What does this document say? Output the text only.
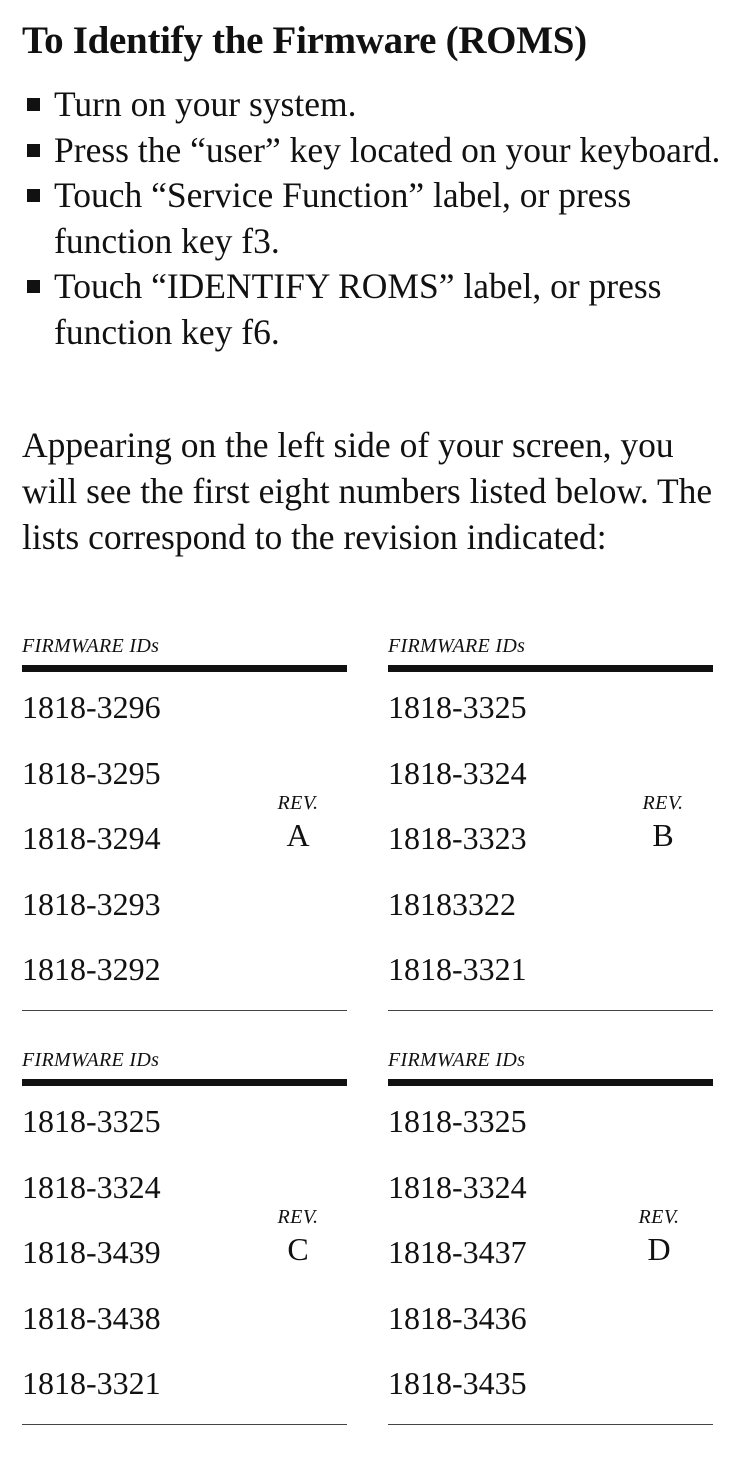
To Identify the Firmware (ROMS)
Turn on your system.
Press the “user” key located on your keyboard.
Touch “Service Function” label, or press function key f3.
Touch “IDENTIFY ROMS” label, or press function key f6.

Appearing on the left side of your screen, you will see the first eight numbers listed below. The lists correspond to the revision indicated:

FIRMWARE IDs
1818-3296
1818-3295
1818-3294
1818-3293
1818-3292
REV.
A
FIRMWARE IDs
1818-3325
1818-3324
1818-3323
18183322
1818-3321
REV.
B
FIRMWARE IDs
1818-3325
1818-3324
1818-3439
1818-3438
1818-3321
REV.
C
FIRMWARE IDs
1818-3325
1818-3324
1818-3437
1818-3436
1818-3435
REV.
D
